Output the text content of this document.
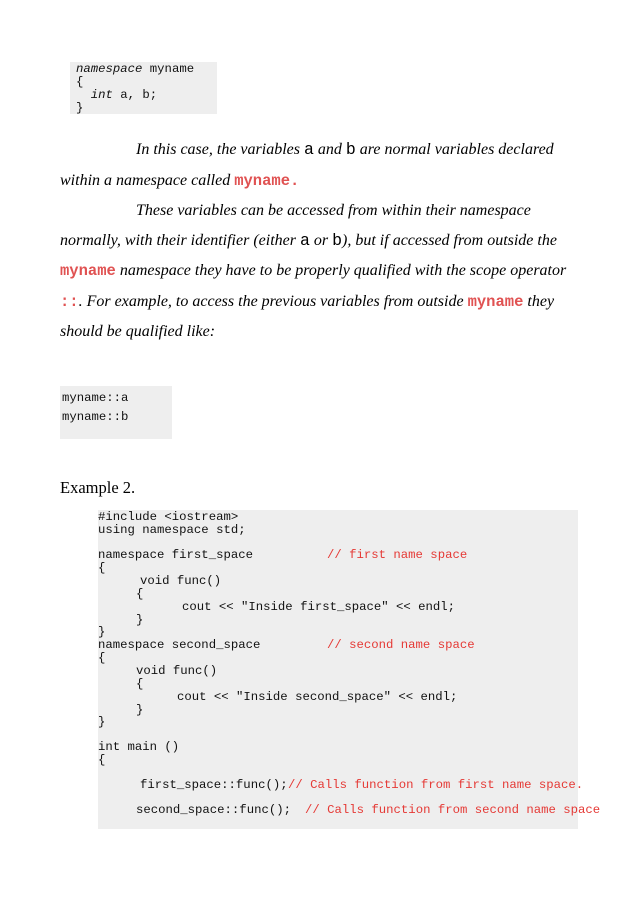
namespace myname
{
int a, b;
}
In this case, the variables a and b are normal variables declared
within a namespace called myname.
These variables can be accessed from within their namespace
normally, with their identifier (either a or b), but if accessed from outside the
myname namespace they have to be properly qualified with the scope operator
::. For example, to access the previous variables from outside myname they
should be qualified like:
myname::a
myname::b
Example 2.
#include <iostream>
using namespace std;
namespace first_space	// first name space
{
void func()
{
cout << "Inside first_space" << endl;
}
}
namespace second_space	// second name space
{
void func()
{
cout << "Inside second_space" << endl;
}
}
int main ()
{
first_space::func(); // Calls function from first name space.
second_space::func(); // Calls function from second name space
